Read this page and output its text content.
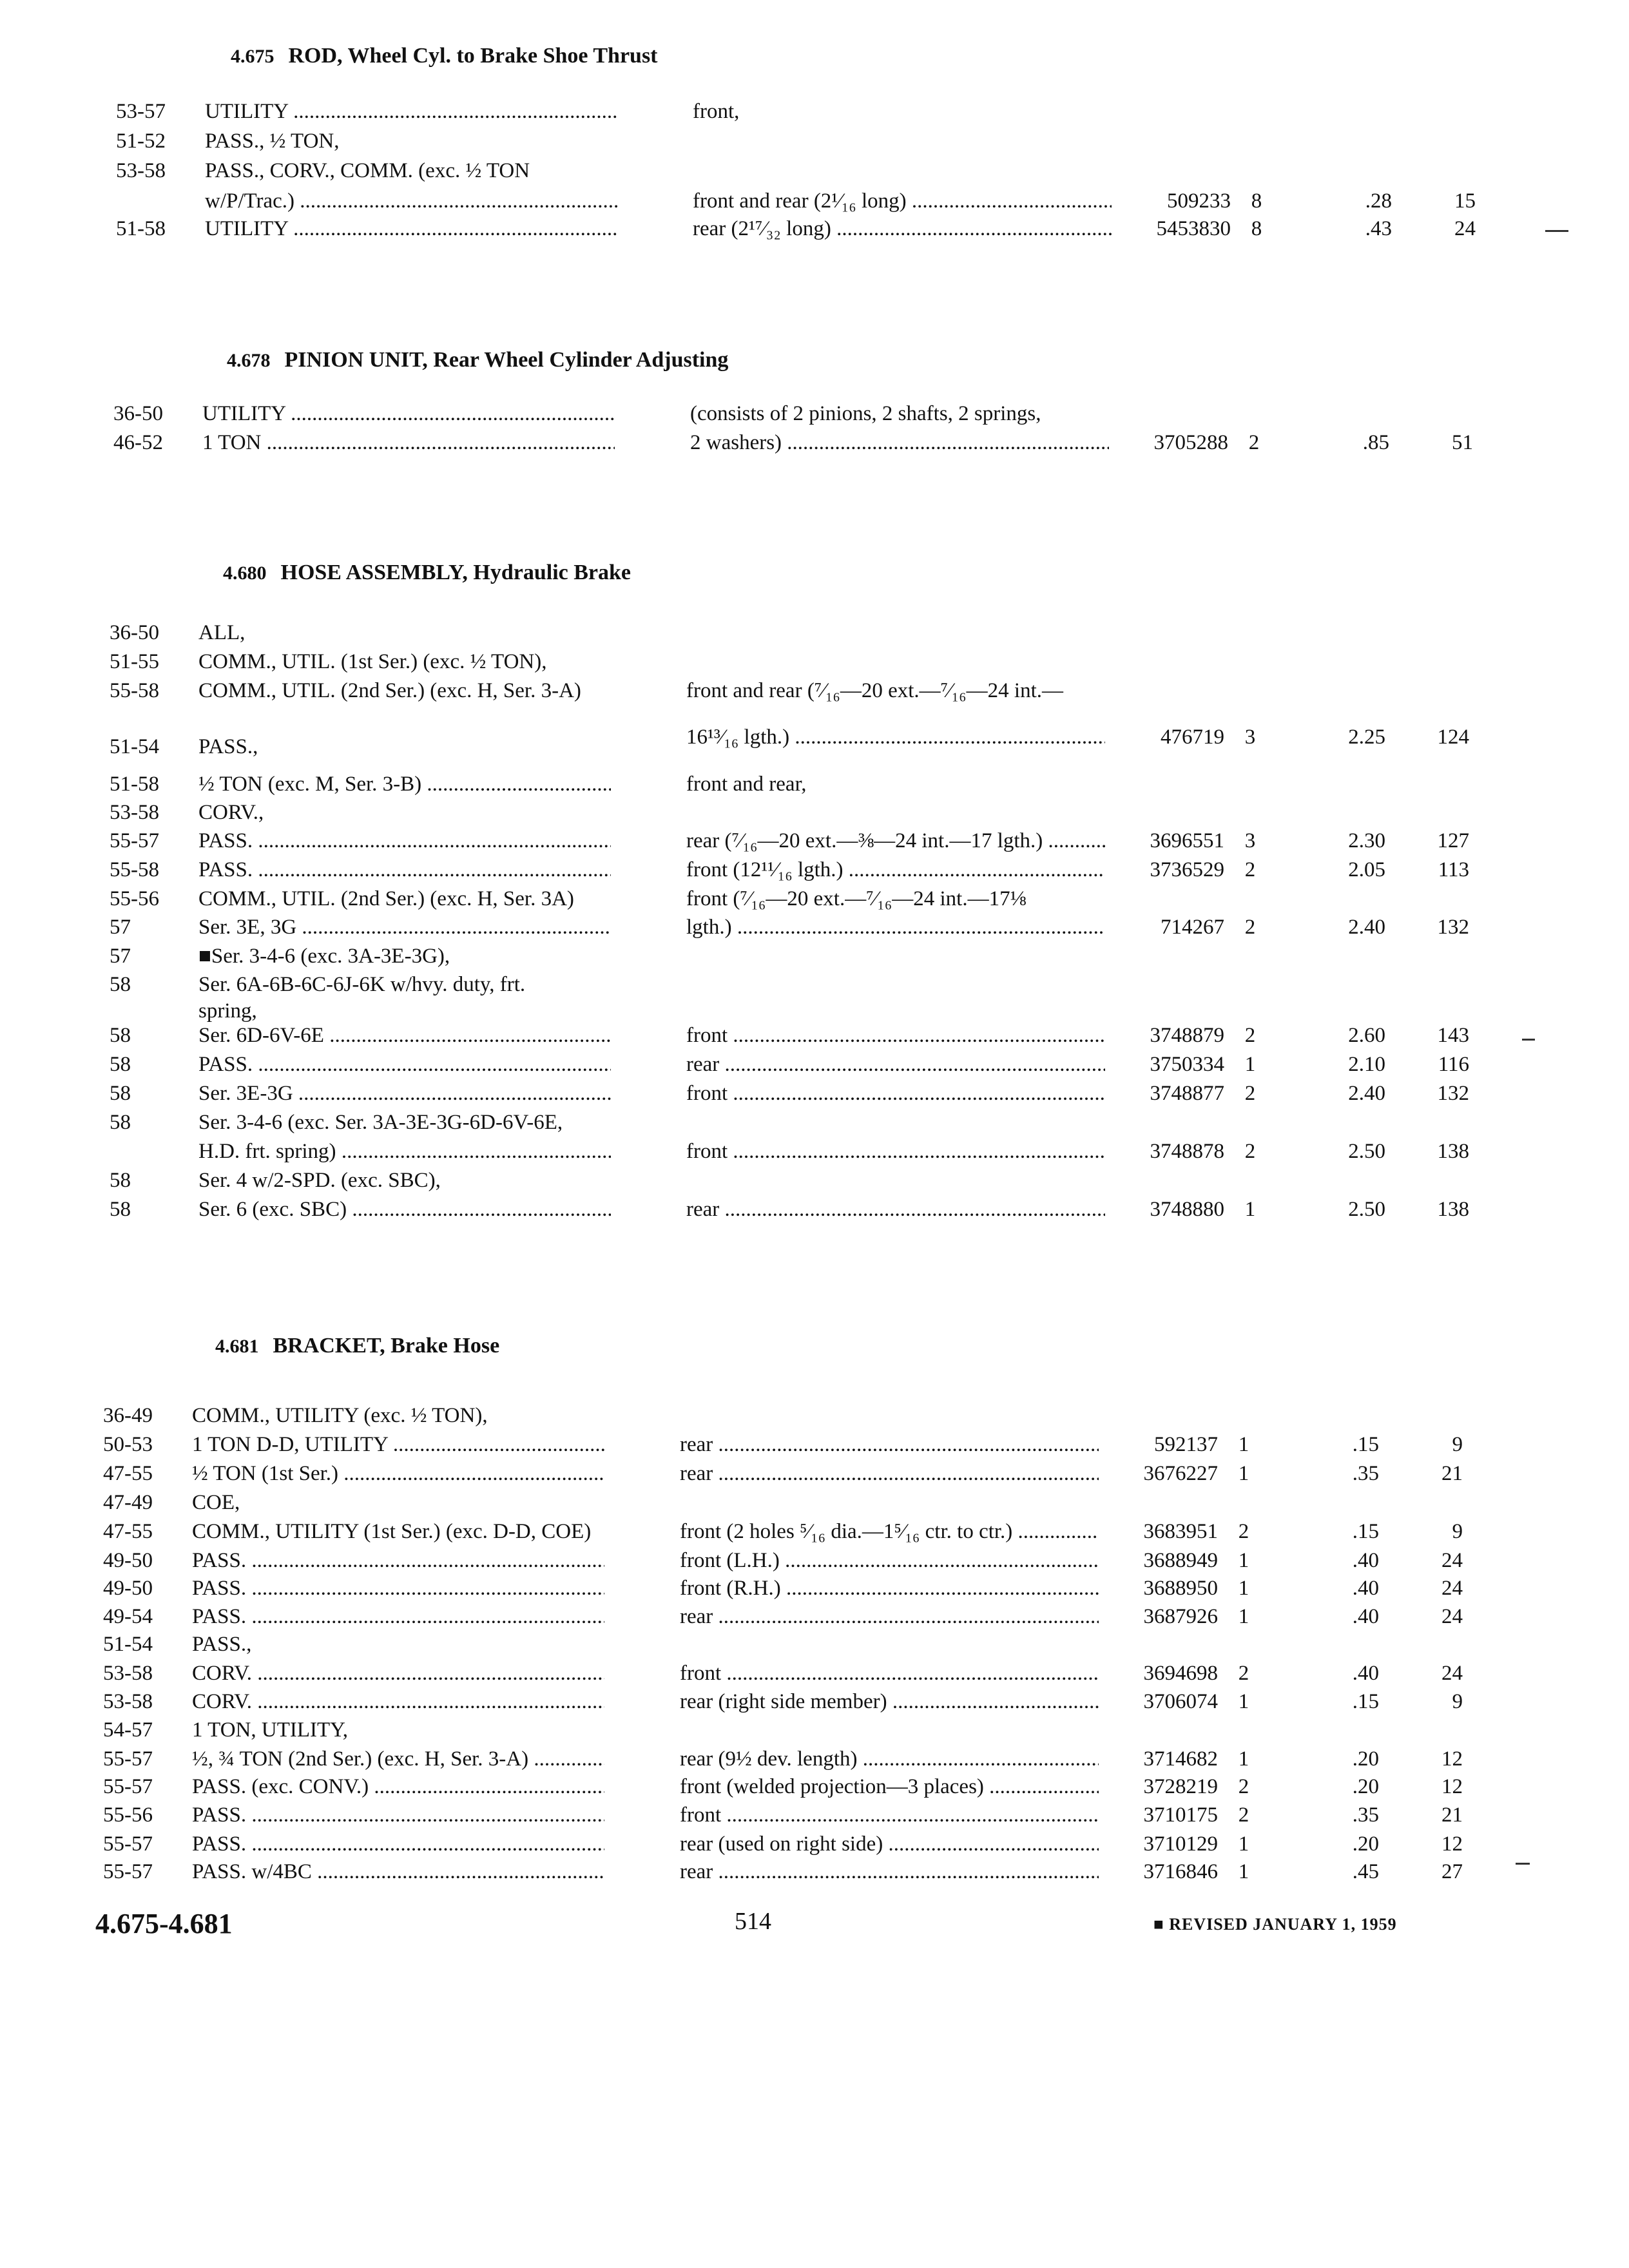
4.675 ROD, Wheel Cyl. to Brake Shoe Thrust
53-57	UTILITY .....	front,
51-52	PASS., ½ TON,
53-58	PASS., CORV., COMM. (exc. ½ TON
w/P/Trac.) .....	front and rear (2¹⁄₁₆ long) .....	509233 8	.28	15
51-58	UTILITY .....	rear (2¹⁷⁄₃₂ long) .....	5453830 8	.43	24
4.678 PINION UNIT, Rear Wheel Cylinder Adjusting
36-50	UTILITY .....	(consists of 2 pinions, 2 shafts, 2 springs,
46-52	1 TON .....	2 washers) .....	3705288 2	.85	51
4.680 HOSE ASSEMBLY, Hydraulic Brake
36-50	ALL,
51-55	COMM., UTIL. (1st Ser.) (exc. ½ TON),
55-58	COMM., UTIL. (2nd Ser.) (exc. H, Ser. 3-A)	front and rear (⁷⁄₁₆—20 ext.—⁷⁄₁₆—24 int.—
16¹³⁄₁₆ lgth.) .....	476719 3	2.25	124
51-54	PASS.,
51-58	½ TON (exc. M, Ser. 3-B) .....	front and rear,
53-58	CORV.,
55-57	PASS. .....	rear (⁷⁄₁₆—20 ext.—⅜—24 int.—17 lgth.) .....	3696551 3	2.30	127
55-58	PASS. .....	front (12¹¹⁄₁₆ lgth.) .....	3736529 2	2.05	113
55-56	COMM., UTIL. (2nd Ser.) (exc. H, Ser. 3A)	front (⁷⁄₁₆—20 ext.—⁷⁄₁₆—24 int.—17⅛
57	Ser. 3E, 3G .....	lgth.) .....	714267 2	2.40	132
57	■Ser. 3-4-6 (exc. 3A-3E-3G),
58	Ser. 6A-6B-6C-6J-6K w/hvy. duty, frt.
spring,
58	Ser. 6D-6V-6E .....	front .....	3748879 2	2.60	143
58	PASS. .....	rear .....	3750334 1	2.10	116
58	Ser. 3E-3G .....	front .....	3748877 2	2.40	132
58	Ser. 3-4-6 (exc. Ser. 3A-3E-3G-6D-6V-6E,
H.D. frt. spring) .....	front .....	3748878 2	2.50	138
58	Ser. 4 w/2-SPD. (exc. SBC),
58	Ser. 6 (exc. SBC) .....	rear .....	3748880 1	2.50	138
4.681 BRACKET, Brake Hose
36-49	COMM., UTILITY (exc. ½ TON),
50-53	1 TON D-D, UTILITY .....	rear .....	592137 1	.15	9
47-55	½ TON (1st Ser.) .....	rear .....	3676227 1	.35	21
47-49	COE,
47-55	COMM., UTILITY (1st Ser.) (exc. D-D, COE)	front (2 holes ⁵⁄₁₆ dia.—1⁵⁄₁₆ ctr. to ctr.) .....	3683951 2	.15	9
49-50	PASS. .....	front (L.H.) .....	3688949 1	.40	24
49-50	PASS. .....	front (R.H.) .....	3688950 1	.40	24
49-54	PASS. .....	rear .....	3687926 1	.40	24
51-54	PASS.,
53-58	CORV. .....	front .....	3694698 2	.40	24
53-58	CORV. .....	rear (right side member) .....	3706074 1	.15	9
54-57	1 TON, UTILITY,
55-57	½, ¾ TON (2nd Ser.) (exc. H, Ser. 3-A) .....	rear (9½ dev. length) .....	3714682 1	.20	12
55-57	PASS. (exc. CONV.) .....	front (welded projection—3 places) .....	3728219 2	.20	12
55-56	PASS. .....	front .....	3710175 2	.35	21
55-57	PASS. .....	rear (used on right side) .....	3710129 1	.20	12
55-57	PASS. w/4BC .....	rear .....	3716846 1	.45	27
4.675-4.681	514	■ REVISED JANUARY 1, 1959
